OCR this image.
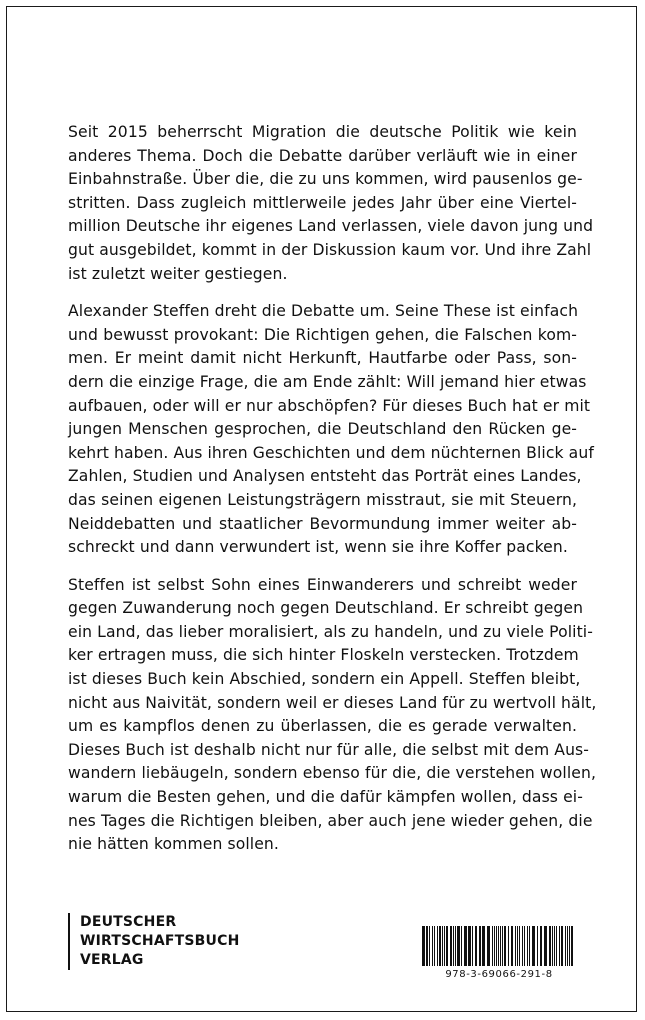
Seit 2015 beherrscht Migration die deutsche Politik wie kein
anderes Thema. Doch die Debatte darüber verläuft wie in einer
Einbahnstraße. Über die, die zu uns kommen, wird pausenlos ge-
stritten. Dass zugleich mittlerweile jedes Jahr über eine Viertel-
million Deutsche ihr eigenes Land verlassen, viele davon jung und
gut ausgebildet, kommt in der Diskussion kaum vor. Und ihre Zahl
ist zuletzt weiter gestiegen.
Alexander Steffen dreht die Debatte um. Seine These ist einfach
und bewusst provokant: Die Richtigen gehen, die Falschen kom-
men. Er meint damit nicht Herkunft, Hautfarbe oder Pass, son-
dern die einzige Frage, die am Ende zählt: Will jemand hier etwas
aufbauen, oder will er nur abschöpfen? Für dieses Buch hat er mit
jungen Menschen gesprochen, die Deutschland den Rücken ge-
kehrt haben. Aus ihren Geschichten und dem nüchternen Blick auf
Zahlen, Studien und Analysen entsteht das Porträt eines Landes,
das seinen eigenen Leistungsträgern misstraut, sie mit Steuern,
Neiddebatten und staatlicher Bevormundung immer weiter ab-
schreckt und dann verwundert ist, wenn sie ihre Koffer packen.
Steffen ist selbst Sohn eines Einwanderers und schreibt weder
gegen Zuwanderung noch gegen Deutschland. Er schreibt gegen
ein Land, das lieber moralisiert, als zu handeln, und zu viele Politi-
ker ertragen muss, die sich hinter Floskeln verstecken. Trotzdem
ist dieses Buch kein Abschied, sondern ein Appell. Steffen bleibt,
nicht aus Naivität, sondern weil er dieses Land für zu wertvoll hält,
um es kampflos denen zu überlassen, die es gerade verwalten.
Dieses Buch ist deshalb nicht nur für alle, die selbst mit dem Aus-
wandern liebäugeln, sondern ebenso für die, die verstehen wollen,
warum die Besten gehen, und die dafür kämpfen wollen, dass ei-
nes Tages die Richtigen bleiben, aber auch jene wieder gehen, die
nie hätten kommen sollen.
DEUTSCHER
WIRTSCHAFTSBUCH
VERLAG
978-3-69066-291-8
